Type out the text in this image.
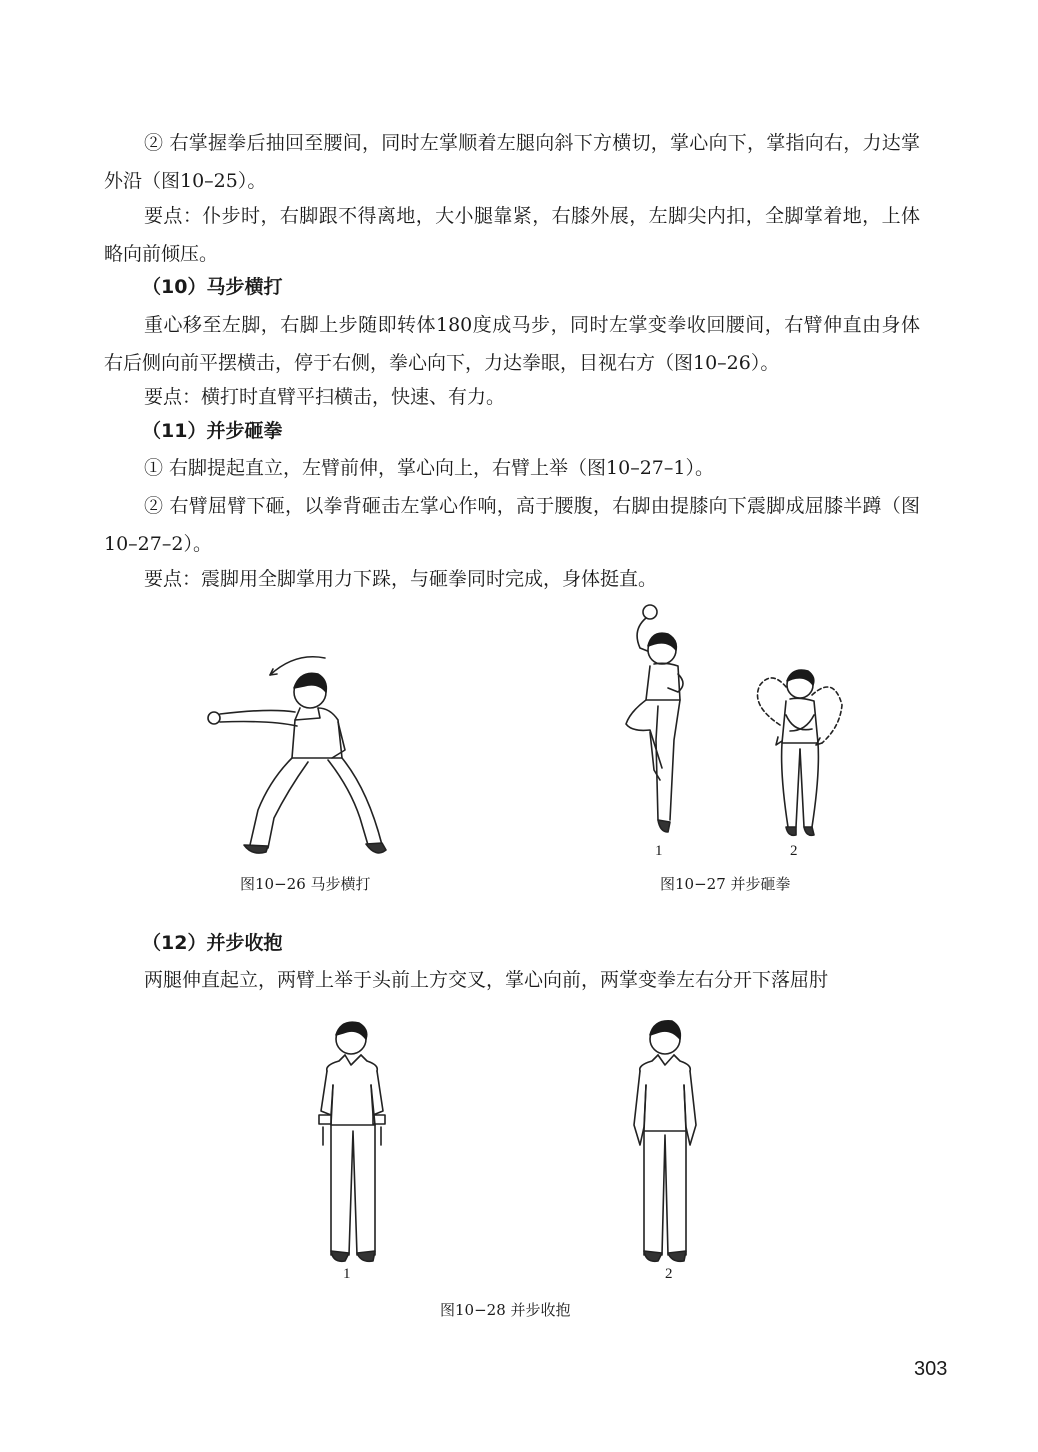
② 右掌握拳后抽回至腰间，同时左掌顺着左腿向斜下方横切，掌心向下，掌指向右，力达掌外沿（图10–25）。

要点：仆步时，右脚跟不得离地，大小腿靠紧，右膝外展，左脚尖内扣，全脚掌着地，上体略向前倾压。

（10）马步横打

重心移至左脚，右脚上步随即转体180度成马步，同时左掌变拳收回腰间，右臂伸直由身体右后侧向前平摆横击，停于右侧，拳心向下，力达拳眼，目视右方（图10–26）。

要点：横打时直臂平扫横击，快速、有力。

（11）并步砸拳

① 右脚提起直立，左臂前伸，掌心向上，右臂上举（图10–27–1）。

② 右臂屈臂下砸，以拳背砸击左掌心作响，高于腰腹，右脚由提膝向下震脚成屈膝半蹲（图10–27–2）。

要点：震脚用全脚掌用力下跺，与砸拳同时完成，身体挺直。

图10−26 马步横打
1	2
图10−27 并步砸拳

（12）并步收抱

两腿伸直起立，两臂上举于头前上方交叉，掌心向前，两掌变拳左右分开下落屈肘

1	2
图10−28 并步收抱
303
